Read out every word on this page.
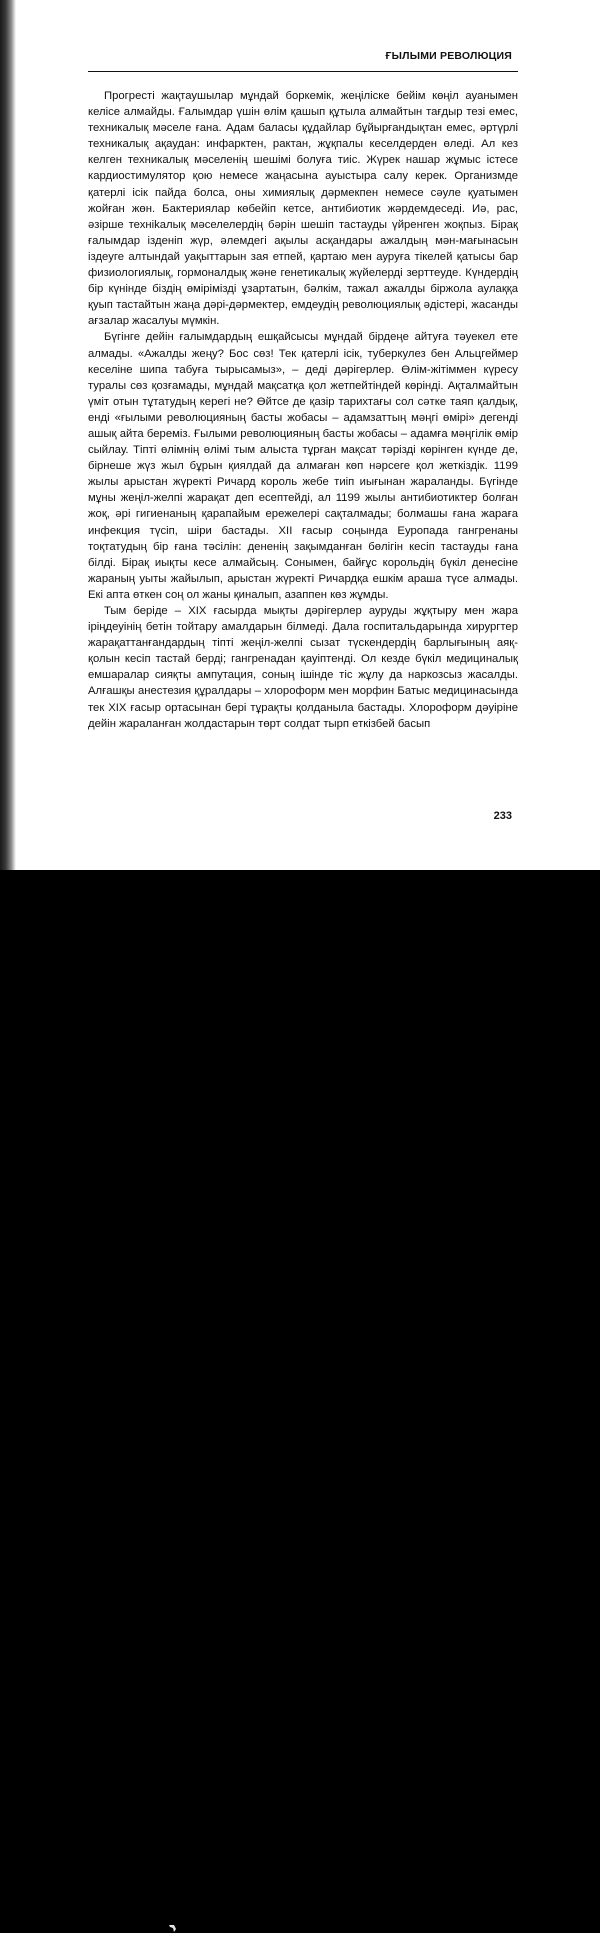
ҒЫЛЫМИ РЕВОЛЮЦИЯ

Прогресті жақтаушылар мұндай боркемік, жеңіліске бейім көңіл ауанымен келісе алмайды. Ғалымдар үшін өлім қашып құтыла алмайтын тағдыр тезі емес, техникалық мәселе ғана. Адам баласы құдайлар бұйырғандықтан емес, әртүрлі техникалық ақаудан: инфарктен, рактан, жұқпалы кеселдерден өледі. Ал кез келген техникалық мәселенің шешімі болуға тиіс. Жүрек нашар жұмыс істесе кардиостимулятор қою немесе жаңасына ауыстыра салу керек. Организмде қатерлі ісік пайда болса, оны химиялық дәрмекпен немесе сәуле қуатымен жойған жөн. Бактериялар көбейіп кетсе, антибиотик жәрдемдеседі. Иә, рас, әзірше технikалық мәселелердің бәрін шешіп тастауды үйренген жоқпыз. Бірақ ғалымдар ізденіп жүр, әлемдегі ақылы асқандары ажалдың мән-мағынасын іздеуге алтындай уақыттарын зая етпей, қартаю мен ауруға тікелей қатысы бар физиологиялық, гормоналдық және генетикалық жүйелерді зерттеуде. Күндердің бір күнінде біздің өмірімізді ұзартатын, бәлкім, тажал ажалды біржола аулаққа қуып тастайтын жаңа дәрі-дәрмектер, емдеудің революциялық әдістері, жасанды ағзалар жасалуы мүмкін.

Бүгінге дейін ғалымдардың ешқайсысы мұндай бірдеңе айтуға тәуекел ете алмады. «Ажалды жеңу? Бос сөз! Тек қатерлі ісік, туберкулез бен Альцгеймер кеселіне шипа табуға тырысамыз», – деді дәрігерлер. Өлім-жітіммен күресу туралы сөз қозғамады, мұндай мақсатқа қол жетпейтіндей көрінді. Ақталмайтын үміт отын тұтатудың керегі не? Өйтсе де қазір тарихтағы сол сәтке таяп қалдық, енді «ғылыми революцияның басты жобасы – адамзаттың мәңгі өмірі» дегенді ашық айта береміз. Ғылыми революцияның басты жобасы – адамға мәңгілік өмір сыйлау. Тіпті өлімнің өлімі тым алыста тұрған мақсат тәрізді көрінген күнде де, бірнеше жүз жыл бұрын қиялдай да алмаған көп нәрсеге қол жеткіздік. 1199 жылы арыстан жүректі Ричард король жебе тиіп иығынан жараланды. Бүгінде мұны жеңіл-желпі жарақат деп есептейді, ал 1199 жылы антибиотиктер болған жоқ, әрі гигиенаның қарапайым ережелері сақталмады; болмашы ғана жараға инфекция түсіп, шіри бастады. XII ғасыр соңында Еуропада гангренаны тоқтатудың бір ғана тәсілін: дененің зақымданған бөлігін кесіп тастауды ғана білді. Бірақ иықты кесе алмайсың. Сонымен, байғұс корольдің бүкіл денесіне жараның уыты жайылып, арыстан жүректі Ричардқа ешкім араша түсе алмады. Екі апта өткен соң ол жаны қиналып, азаппен көз жұмды.

Тым беріде – XIX ғасырда мықты дәрігерлер ауруды жұқтыру мен жара іріңдеуінің бетін тойтару амалдарын білмеді. Дала госпитальдарында хирургтер жарақаттанғандардың тіпті жеңіл-желпі сызат түскендердің барлығының аяқ-қолын кесіп тастай берді; гангренадан қауіптенді. Ол кезде бүкіл медициналық емшаралар сияқты ампутация, соның ішінде тіс жұлу да наркозсыз жасалды. Алғашқы анестезия құралдары – хлороформ мен морфин Батыс медицинасында тек XIX ғасыр ортасынан бері тұрақты қолданыла бастады. Хлороформ дәуіріне дейін жараланған жолдастарын төрт солдат тырп еткізбей басып

233
